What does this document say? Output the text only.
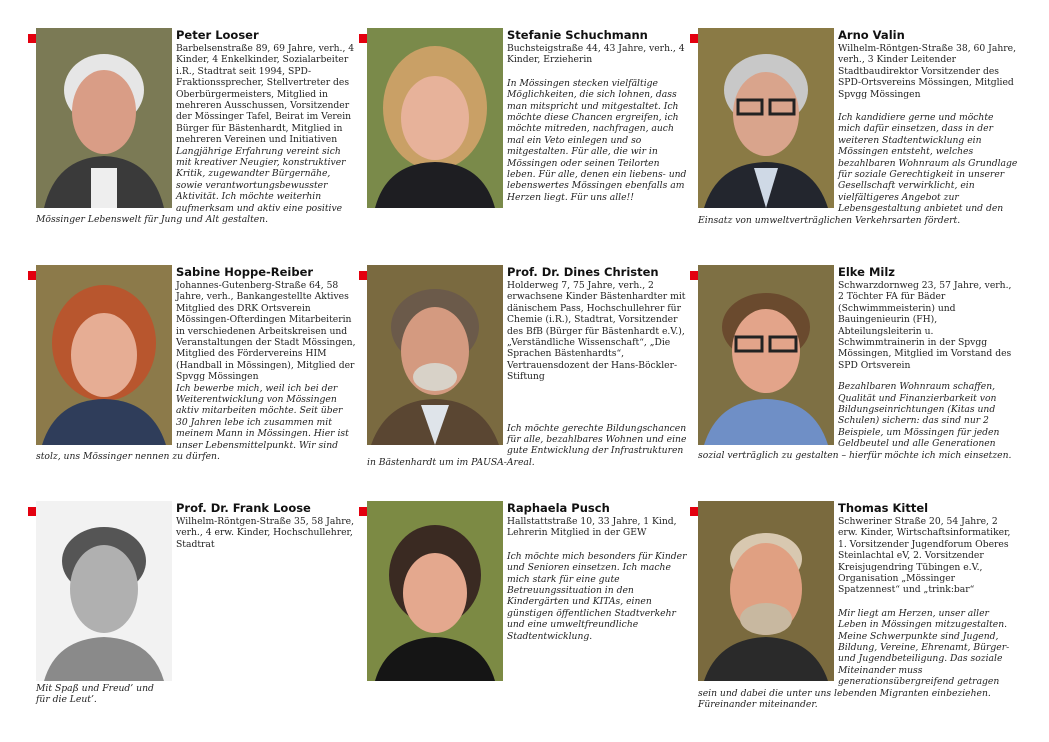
Peter Looser

Barbelsenstraße 89, 69 Jahre, verh., 4 Kinder, 4 Enkelkinder, Sozialarbeiter i.R., Stadtrat seit 1994, SPD-Fraktionssprecher, Stellvertreter des Oberbürgermeisters, Mitglied in mehreren Ausschussen, Vorsitzender der Mössinger Tafel, Beirat im Verein Bürger für Bästenhardt, Mitglied in mehreren Vereinen und Initiativen

Langjährige Erfahrung vereint sich mit kreativer Neugier, konstruktiver Kritik, zugewandter Bürgernähe, sowie verantwortungsbewusster Aktivität. Ich möchte weiterhin aufmerksam und aktiv eine positive Mössinger Lebenswelt für Jung und Alt gestalten.

Stefanie Schuchmann

Buchsteigstraße 44, 43 Jahre, verh., 4 Kinder, Erzieherin

In Mössingen stecken vielfältige Möglichkeiten, die sich lohnen, dass man mitspricht und mitgestaltet. Ich möchte diese Chancen ergreifen, ich möchte mitreden, nachfragen, auch mal ein Veto einlegen und so mitgestalten. Für alle, die wir in Mössingen oder seinen Teilorten leben. Für alle, denen ein liebens- und lebenswertes Mössingen ebenfalls am Herzen liegt. Für uns alle!!

Arno Valin

Wilhelm-Röntgen-Straße 38, 60 Jahre, verh., 3 Kinder Leitender Stadtbaudirektor Vorsitzender des SPD-Ortsvereins Mössingen, Mitglied Spvgg Mössingen

Ich kandidiere gerne und möchte mich dafür einsetzen, dass in der weiteren Stadtentwicklung ein Mössingen entsteht, welches bezahlbaren Wohnraum als Grundlage für soziale Gerechtigkeit in unserer Gesellschaft verwirklicht, ein vielfältigeres Angebot zur Lebensgestaltung anbietet und den Einsatz von umweltverträglichen Verkehrsarten fördert.

Sabine Hoppe-Reiber

Johannes-Gutenberg-Straße 64, 58 Jahre, verh., Bankangestellte Aktives Mitglied des DRK Ortsverein Mössingen-Ofterdingen Mitarbeiterin in verschiedenen Arbeitskreisen und Veranstaltungen der Stadt Mössingen, Mitglied des Fördervereins HIM (Handball in Mössingen), Mitglied der Spvgg Mössingen

Ich bewerbe mich, weil ich bei der Weiterentwicklung von Mössingen aktiv mitarbeiten möchte. Seit über 30 Jahren lebe ich zusammen mit meinem Mann in Mössingen. Hier ist unser Lebensmittelpunkt. Wir sind stolz, uns Mössinger nennen zu dürfen.

Prof. Dr. Dines Christen

Holderweg 7, 75 Jahre, verh., 2 erwachsene Kinder Bästenhardter mit dänischem Pass, Hochschullehrer für Chemie (i.R.), Stadtrat, Vorsitzender des BfB (Bürger für Bästenhardt e.V.), „Verständliche Wissenschaft“, „Die Sprachen Bästenhardts“, Vertrauensdozent der Hans-Böckler-Stiftung

Ich möchte gerechte Bildungschancen für alle, bezahlbares Wohnen und eine gute Entwicklung der Infrastrukturen in Bästenhardt um im PAUSA-Areal.

Elke Milz

Schwarzdornweg 23, 57 Jahre, verh., 2 Töchter FA für Bäder (Schwimmmeisterin) und Bauingenieurin (FH), Abteilungsleiterin u. Schwimmtrainerin in der Spvgg Mössingen, Mitglied im Vorstand des SPD Ortsverein

Bezahlbaren Wohnraum schaffen, Qualität und Finanzierbarkeit von Bildungseinrichtungen (Kitas und Schulen) sichern: das sind nur 2 Beispiele, um Mössingen für jeden Geldbeutel und alle Generationen sozial verträglich zu gestalten – hierfür möchte ich mich einsetzen.

Prof. Dr. Frank Loose

Wilhelm-Röntgen-Straße 35, 58 Jahre, verh., 4 erw. Kinder, Hochschullehrer, Stadtrat

Mit Spaß und Freud’ und für die Leut’.

Raphaela Pusch

Hallstattstraße 10, 33 Jahre, 1 Kind, Lehrerin Mitglied in der GEW

Ich möchte mich besonders für Kinder und Senioren einsetzen. Ich mache mich stark für eine gute Betreuungssituation in den Kindergärten und KITAs, einen günstigen öffentlichen Stadtverkehr und eine umweltfreundliche Stadtentwicklung.

Thomas Kittel

Schweriner Straße 20, 54 Jahre, 2 erw. Kinder, Wirtschaftsinformatiker, 1. Vorsitzender Jugendforum Oberes Steinlachtal eV, 2. Vorsitzender Kreisjugendring Tübingen e.V., Organisation „Mössinger Spatzennest“ und „trink:bar“

Mir liegt am Herzen, unser aller Leben in Mössingen mitzugestalten. Meine Schwerpunkte sind Jugend, Bildung, Vereine, Ehrenamt, Bürger- und Jugendbeteiligung. Das soziale Miteinander muss generationsübergreifend getragen sein und dabei die unter uns lebenden Migranten einbeziehen. Füreinander miteinander.
